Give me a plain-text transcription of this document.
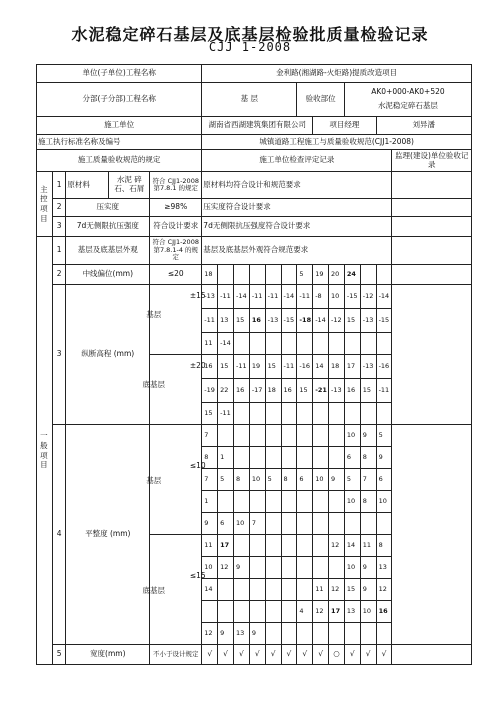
水泥稳定碎石基层及底基层检验批质量检验记录
CJJ 1-2008
单位(子单位)工程名称					金利路(湘湖路-火炬路)提质改造项目												
分部(子分部)工程名称					基 层						验收部位			AK0+000-AK0+520
水泥稳定碎石基层			

施工单位					湖南省西湖建筑集团有限公司							项目经理				刘异潘	
施工执行标准名称及编号					城镇道路工程施工与质量验收规范(CJJ1-2008)												
施工质量验收规范的规定					施工单位检查评定记录												监理(建设)单位验收记录
主控项目	1	原材料	水泥 碎石、石屑	符合 CJJ1-2008 第7.8.1 的规定	原材料均符合设计和规范要求												
	2	压实度		≥98%	压实度符合设计要求												
	3	7d无侧限抗压强度		符合设计要求	7d无侧限抗压强度符合设计要求												
一般项目	1	基层及底基层外观		符合 CJJ1-2008 第7.8.1-4 的规定	基层及底基层外观符合规范要求												
	2	中线偏位(mm)		≤20	18						5	19	20	24			
	3	纵断高程 (mm)		基层
±15	-13	-11	-14	-11	-11	-14	-11	-8	10	-15	-12	-14	
					-11	13	15	16	-13	-15	-18	-14	-12	15	-13	-15	
					11	-14											

				底基层
±20	16	15	-11	19	15	-11	-16	14	18	17	-13	-16	
					-19	22	16	-17	18	16	15	-21	-13	16	15	-11	
					15	-11											
	4	平整度 (mm)		基层
≤10	7									10	9	5	
					8	1								6	8	9	
					7	5	8	10	5	8	6	10	9	5	7	6	
					1									10	8	10	
					9	6	10	7									

				底基层
≤15	11	17							12	14	11	8	
					10	12	9							10	9	13	
					14							11	12	15	9	12	
											4	12	17	13	10	16	
					12	9	13	9									
	5	宽度(mm)		不小于设计规定	√	√	√	√	√	√	√	√	○	√	√	√	
